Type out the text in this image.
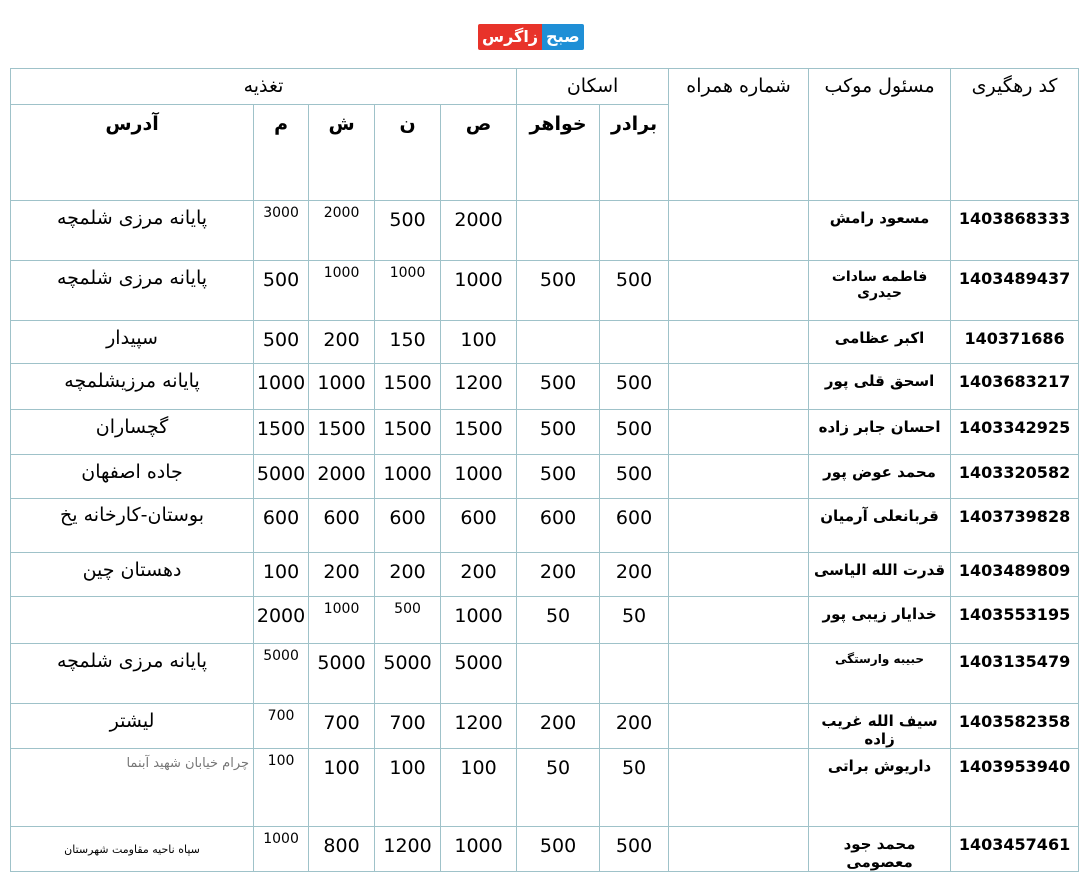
زاگرس صبح
کد رهگیری	مسئول موکب	شماره همراه	اسکان		تغذیه				
			برادر	خواهر	ص	ن	ش	م	آدرس
1403868333	مسعود رامش				2000	500	2000	3000	پایانه مرزی شلمچه
1403489437	فاطمه سادات حیدری		500	500	1000	1000	1000	500	پایانه مرزی شلمچه
140371686	اکبر عظامی				100	150	200	500	سپیدار
1403683217	اسحق قلی پور		500	500	1200	1500	1000	1000	پایانه مرزیشلمچه
1403342925	احسان جابر زاده		500	500	1500	1500	1500	1500	گچساران
1403320582	محمد عوض پور		500	500	1000	1000	2000	5000	جاده اصفهان
1403739828	قربانعلی آرمیان		600	600	600	600	600	600	بوستان-کارخانه یخ
1403489809	قدرت الله الیاسی		200	200	200	200	200	100	دهستان چین
1403553195	خدایار زیبی پور		50	50	1000	500	1000	2000	
1403135479	حبیبه وارستگی				5000	5000	5000	5000	پایانه مرزی شلمچه
1403582358	سیف الله غریب زاده		200	200	1200	700	700	700	لیشتر
1403953940	داریوش براتی		50	50	100	100	100	100	چرام خیابان شهید آبنما
1403457461	محمد جود معصومی		500	500	1000	1200	800	1000	سپاه ناحیه مقاومت شهرستان
